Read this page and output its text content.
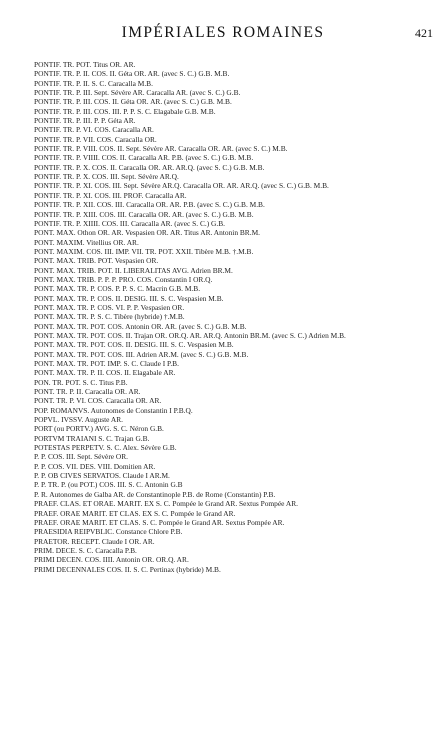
IMPÉRIALES ROMAINES	421

PONTIF. TR. POT. Titus OR. AR.

PONTIF. TR. P. II. COS. II. Géta OR. AR. (avec S. C.) G.B. M.B.

PONTIF. TR. P. II. S. C. Caracalla M.B.

PONTIF. TR. P. III. Sept. Sévère AR. Caracalla AR. (avec S. C.) G.B.

PONTIF. TR. P. III. COS. II. Géta OR. AR. (avec S. C.) G.B. M.B.

PONTIF. TR. P. III. COS. III. P. P. S. C. Elagabale G.B. M.B.

PONTIF. TR. P. III. P. P. Géta AR.

PONTIF. TR. P. VI. COS. Caracalla AR.

PONTIF. TR. P. VII. COS. Caracalla OR.

PONTIF. TR. P. VIII. COS. II. Sept. Sévère AR. Caracalla OR. AR. (avec S. C.) M.B.

PONTIF. TR. P. VIIII. COS. II. Caracalla AR. P.B. (avec S. C.) G.B. M.B.

PONTIF. TR. P. X. COS. II. Caracalla OR. AR. AR.Q. (avec S. C.) G.B. M.B.

PONTIF. TR. P. X. COS. III. Sept. Sévère AR.Q.

PONTIF. TR. P. XI. COS. III. Sept. Sévère AR.Q. Caracalla OR. AR. AR.Q. (avec S. C.) G.B. M.B.

PONTIF. TR. P. XI. COS. III. PROF. Caracalla AR.

PONTIF. TR. P. XII. COS. III. Caracalla OR. AR. P.B. (avec S. C.) G.B. M.B.

PONTIF. TR. P. XIII. COS. III. Caracalla OR. AR. (avec S. C.) G.B. M.B.

PONTIF. TR. P. XIIII. COS. III. Caracalla AR. (avec S. C.) G.B.

PONT. MAX. Othon OR. AR. Vespasien OR. AR. Titus AR. Antonin BR.M.

PONT. MAXIM. Vitellius OR. AR.

PONT. MAXIM. COS. III. IMP. VII. TR. POT. XXII. Tibère M.B. †.M.B.

PONT. MAX. TRIB. POT. Vespasien OR.

PONT. MAX. TRIB. POT. II. LIBERALITAS AVG. Adrien BR.M.

PONT. MAX. TRIB. P. P. P. PRO. COS. Constantin I OR.Q.

PONT. MAX. TR. P. COS. P. P. S. C. Macrin G.B. M.B.

PONT. MAX. TR. P. COS. II. DESIG. III. S. C. Vespasien M.B.

PONT. MAX. TR. P. COS. VI. P. P. Vespasien OR.

PONT. MAX. TR. P. S. C. Tibère (hybride) †.M.B.

PONT. MAX. TR. POT. COS. Antonin OR. AR. (avec S. C.) G.B. M.B.

PONT. MAX. TR. POT. COS. II. Trajan OR. OR.Q. AR. AR.Q. Antonin BR.M. (avec S. C.) Adrien M.B.

PONT. MAX. TR. POT. COS. II. DESIG. III. S. C. Vespasien M.B.

PONT. MAX. TR. POT. COS. III. Adrien AR.M. (avec S. C.) G.B. M.B.

PONT. MAX. TR. POT. IMP. S. C. Claude I P.B.

PONT. MAX. TR. P. II. COS. II. Elagabale AR.

PON. TR. POT. S. C. Titus P.B.

PONT. TR. P. II. Caracalla OR. AR.

PONT. TR. P. VI. COS. Caracalla OR. AR.

POP. ROMANVS. Autonomes de Constantin I P.B.Q.

POPVL. IVSSV. Auguste AR.

PORT (ou PORTV.) AVG. S. C. Néron G.B.

PORTVM TRAIANI S. C. Trajan G.B.

POTESTAS PERPETV. S. C. Alex. Sévère G.B.

P. P. COS. III. Sept. Sévère OR.

P. P. COS. VII. DES. VIII. Domitien AR.

P. P. OB CIVES SERVATOS. Claude I AR.M.

P. P. TR. P. (ou POT.) COS. III. S. C. Antonin G.B

P. R. Autonomes de Galba AR. de Constantinople P.B. de Rome (Constantin) P.B.

PRAEF. CLAS. ET ORAE. MARIT. EX S. C. Pompée le Grand AR. Sextus Pompée AR.

PRAEF. ORAE MARIT. ET CLAS. EX S. C. Pompée le Grand AR.

PRAEF. ORAE MARIT. ET CLAS. S. C. Pompée le Grand AR. Sextus Pompée AR.

PRAESIDIA REIPVBLIC. Constance Chlore P.B.

PRAETOR. RECEPT. Claude I OR. AR.

PRIM. DECE. S. C. Caracalla P.B.

PRIMI DECEN. COS. IIII. Antonin OR. OR.Q. AR.

PRIMI DECENNALES COS. II. S. C. Pertinax (hybride) M.B.
